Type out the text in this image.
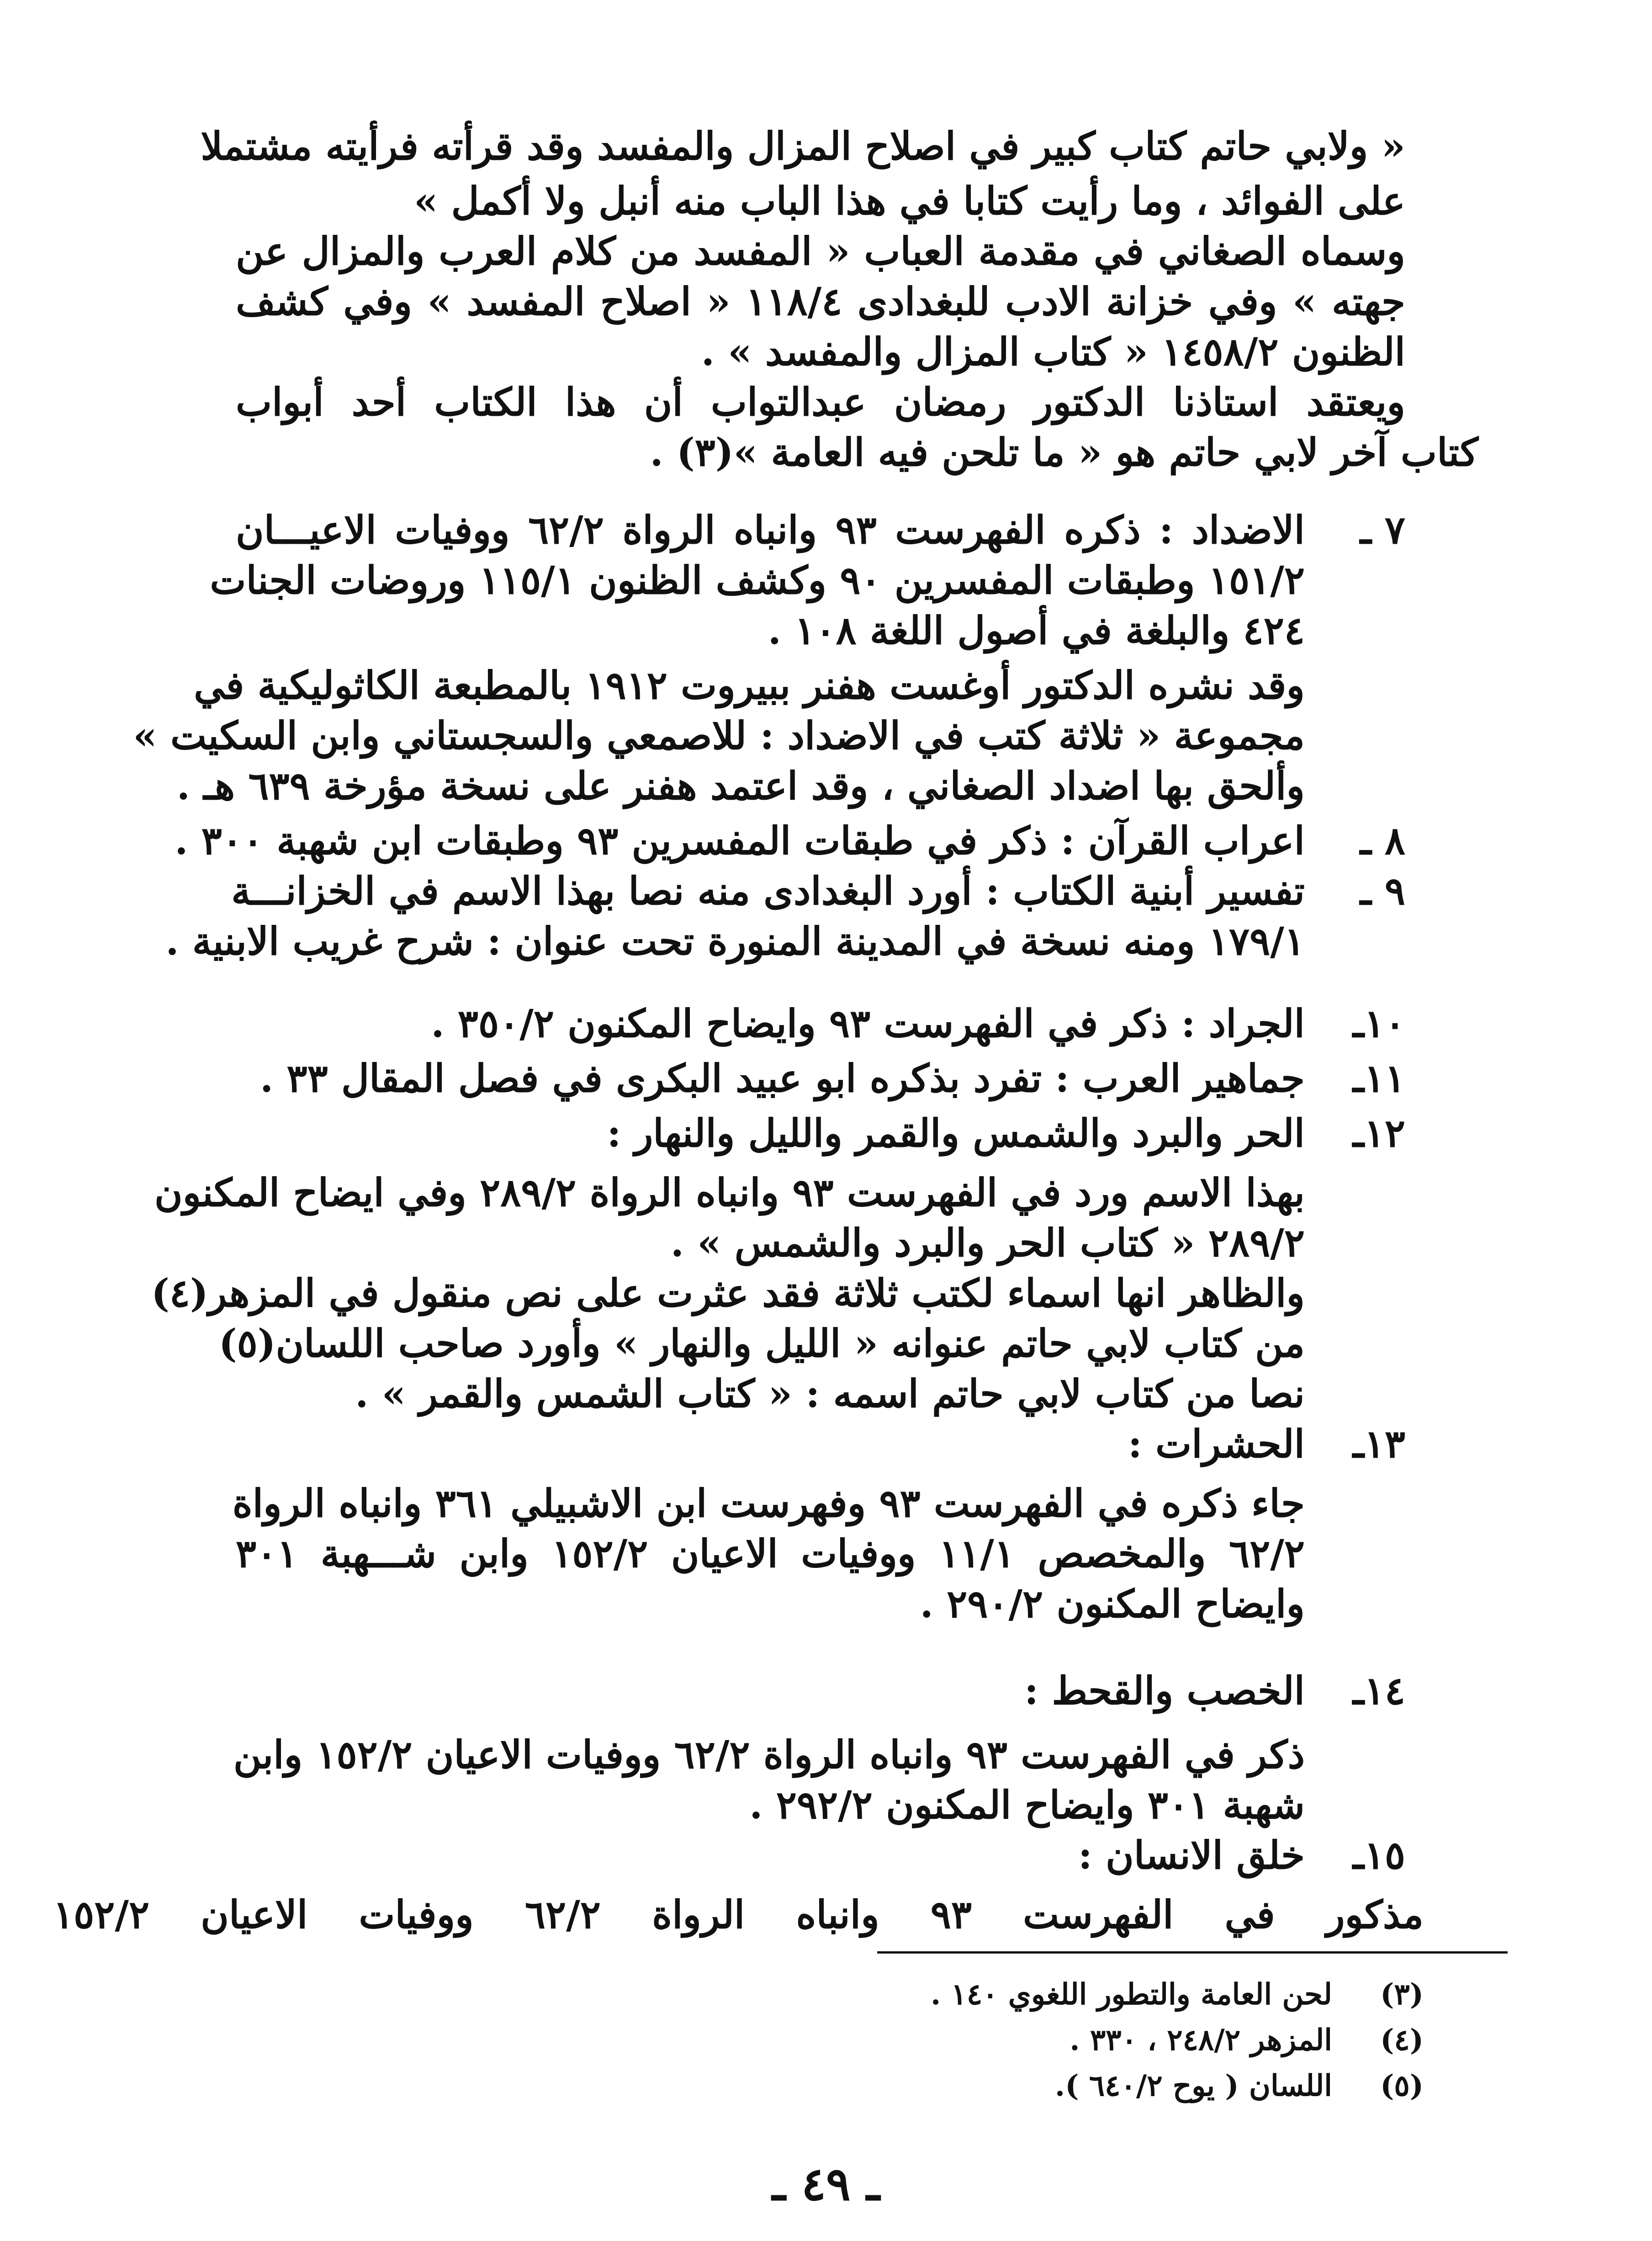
« ولابي حاتم كتاب كبير في اصلاح المزال والمفسد وقد قرأته فرأيته مشتملا
على الفوائد ، وما رأيت كتابا في هذا الباب منه أنبل ولا أكمل »
وسماه الصغاني في مقدمة العباب « المفسد من كلام العرب والمزال عن
جهته » وفي خزانة الادب للبغدادى ١١٨/٤ « اصلاح المفسد » وفي كشف
الظنون ١٤٥٨/٢ « كتاب المزال والمفسد » .
ويعتقد استاذنا الدكتور رمضان عبدالتواب أن هذا الكتاب أحد أبواب
كتاب آخر لابي حاتم هو « ما تلحن فيه العامة »(٣) .
٧ ـ
الاضداد : ذكره الفهرست ٩٣ وانباه الرواة ٦٢/٢ ووفيات الاعيـــان
١٥١/٢ وطبقات المفسرين ٩٠ وكشف الظنون ١١٥/١ وروضات الجنات
٤٢٤ والبلغة في أصول اللغة ١٠٨ .
وقد نشره الدكتور أوغست هفنر ببيروت ١٩١٢ بالمطبعة الكاثوليكية في
مجموعة « ثلاثة كتب في الاضداد : للاصمعي والسجستاني وابن السكيت »
وألحق بها اضداد الصغاني ، وقد اعتمد هفنر على نسخة مؤرخة ٦٣٩ هـ .
٨ ـ
اعراب القرآن : ذكر في طبقات المفسرين ٩٣ وطبقات ابن شهبة ٣٠٠ .
٩ ـ
تفسير أبنية الكتاب : أورد البغدادى منه نصا بهذا الاسم في الخزانـــة
١٧٩/١ ومنه نسخة في المدينة المنورة تحت عنوان : شرح غريب الابنية .
١٠ـ
الجراد : ذكر في الفهرست ٩٣ وايضاح المكنون ٣٥٠/٢ .
١١ـ
جماهير العرب : تفرد بذكره ابو عبيد البكرى في فصل المقال ٣٣ .
١٢ـ
الحر والبرد والشمس والقمر والليل والنهار :
بهذا الاسم ورد في الفهرست ٩٣ وانباه الرواة ٢٨٩/٢ وفي ايضاح المكنون
٢٨٩/٢ « كتاب الحر والبرد والشمس » .
والظاهر انها اسماء لكتب ثلاثة فقد عثرت على نص منقول في المزهر(٤)
من كتاب لابي حاتم عنوانه « الليل والنهار » وأورد صاحب اللسان(٥)
نصا من كتاب لابي حاتم اسمه : « كتاب الشمس والقمر » .
١٣ـ
الحشرات :
جاء ذكره في الفهرست ٩٣ وفهرست ابن الاشبيلي ٣٦١ وانباه الرواة
٦٢/٢ والمخصص ١١/١ ووفيات الاعيان ١٥٢/٢ وابن شـــهبة ٣٠١
وايضاح المكنون ٢٩٠/٢ .
١٤ـ
الخصب والقحط :
ذكر في الفهرست ٩٣ وانباه الرواة ٦٢/٢ ووفيات الاعيان ١٥٢/٢ وابن
شهبة ٣٠١ وايضاح المكنون ٢٩٢/٢ .
١٥ـ
خلق الانسان :
مذكور في الفهرست ٩٣ وانباه الرواة ٦٢/٢ ووفيات الاعيان ١٥٢/٢
(٣)
لحن العامة والتطور اللغوي ١٤٠ .
(٤)
المزهر ٢٤٨/٢ ، ٣٣٠ .
(٥)
اللسان ( يوح ٦٤٠/٢ ).
ـ ٤٩ ـ
